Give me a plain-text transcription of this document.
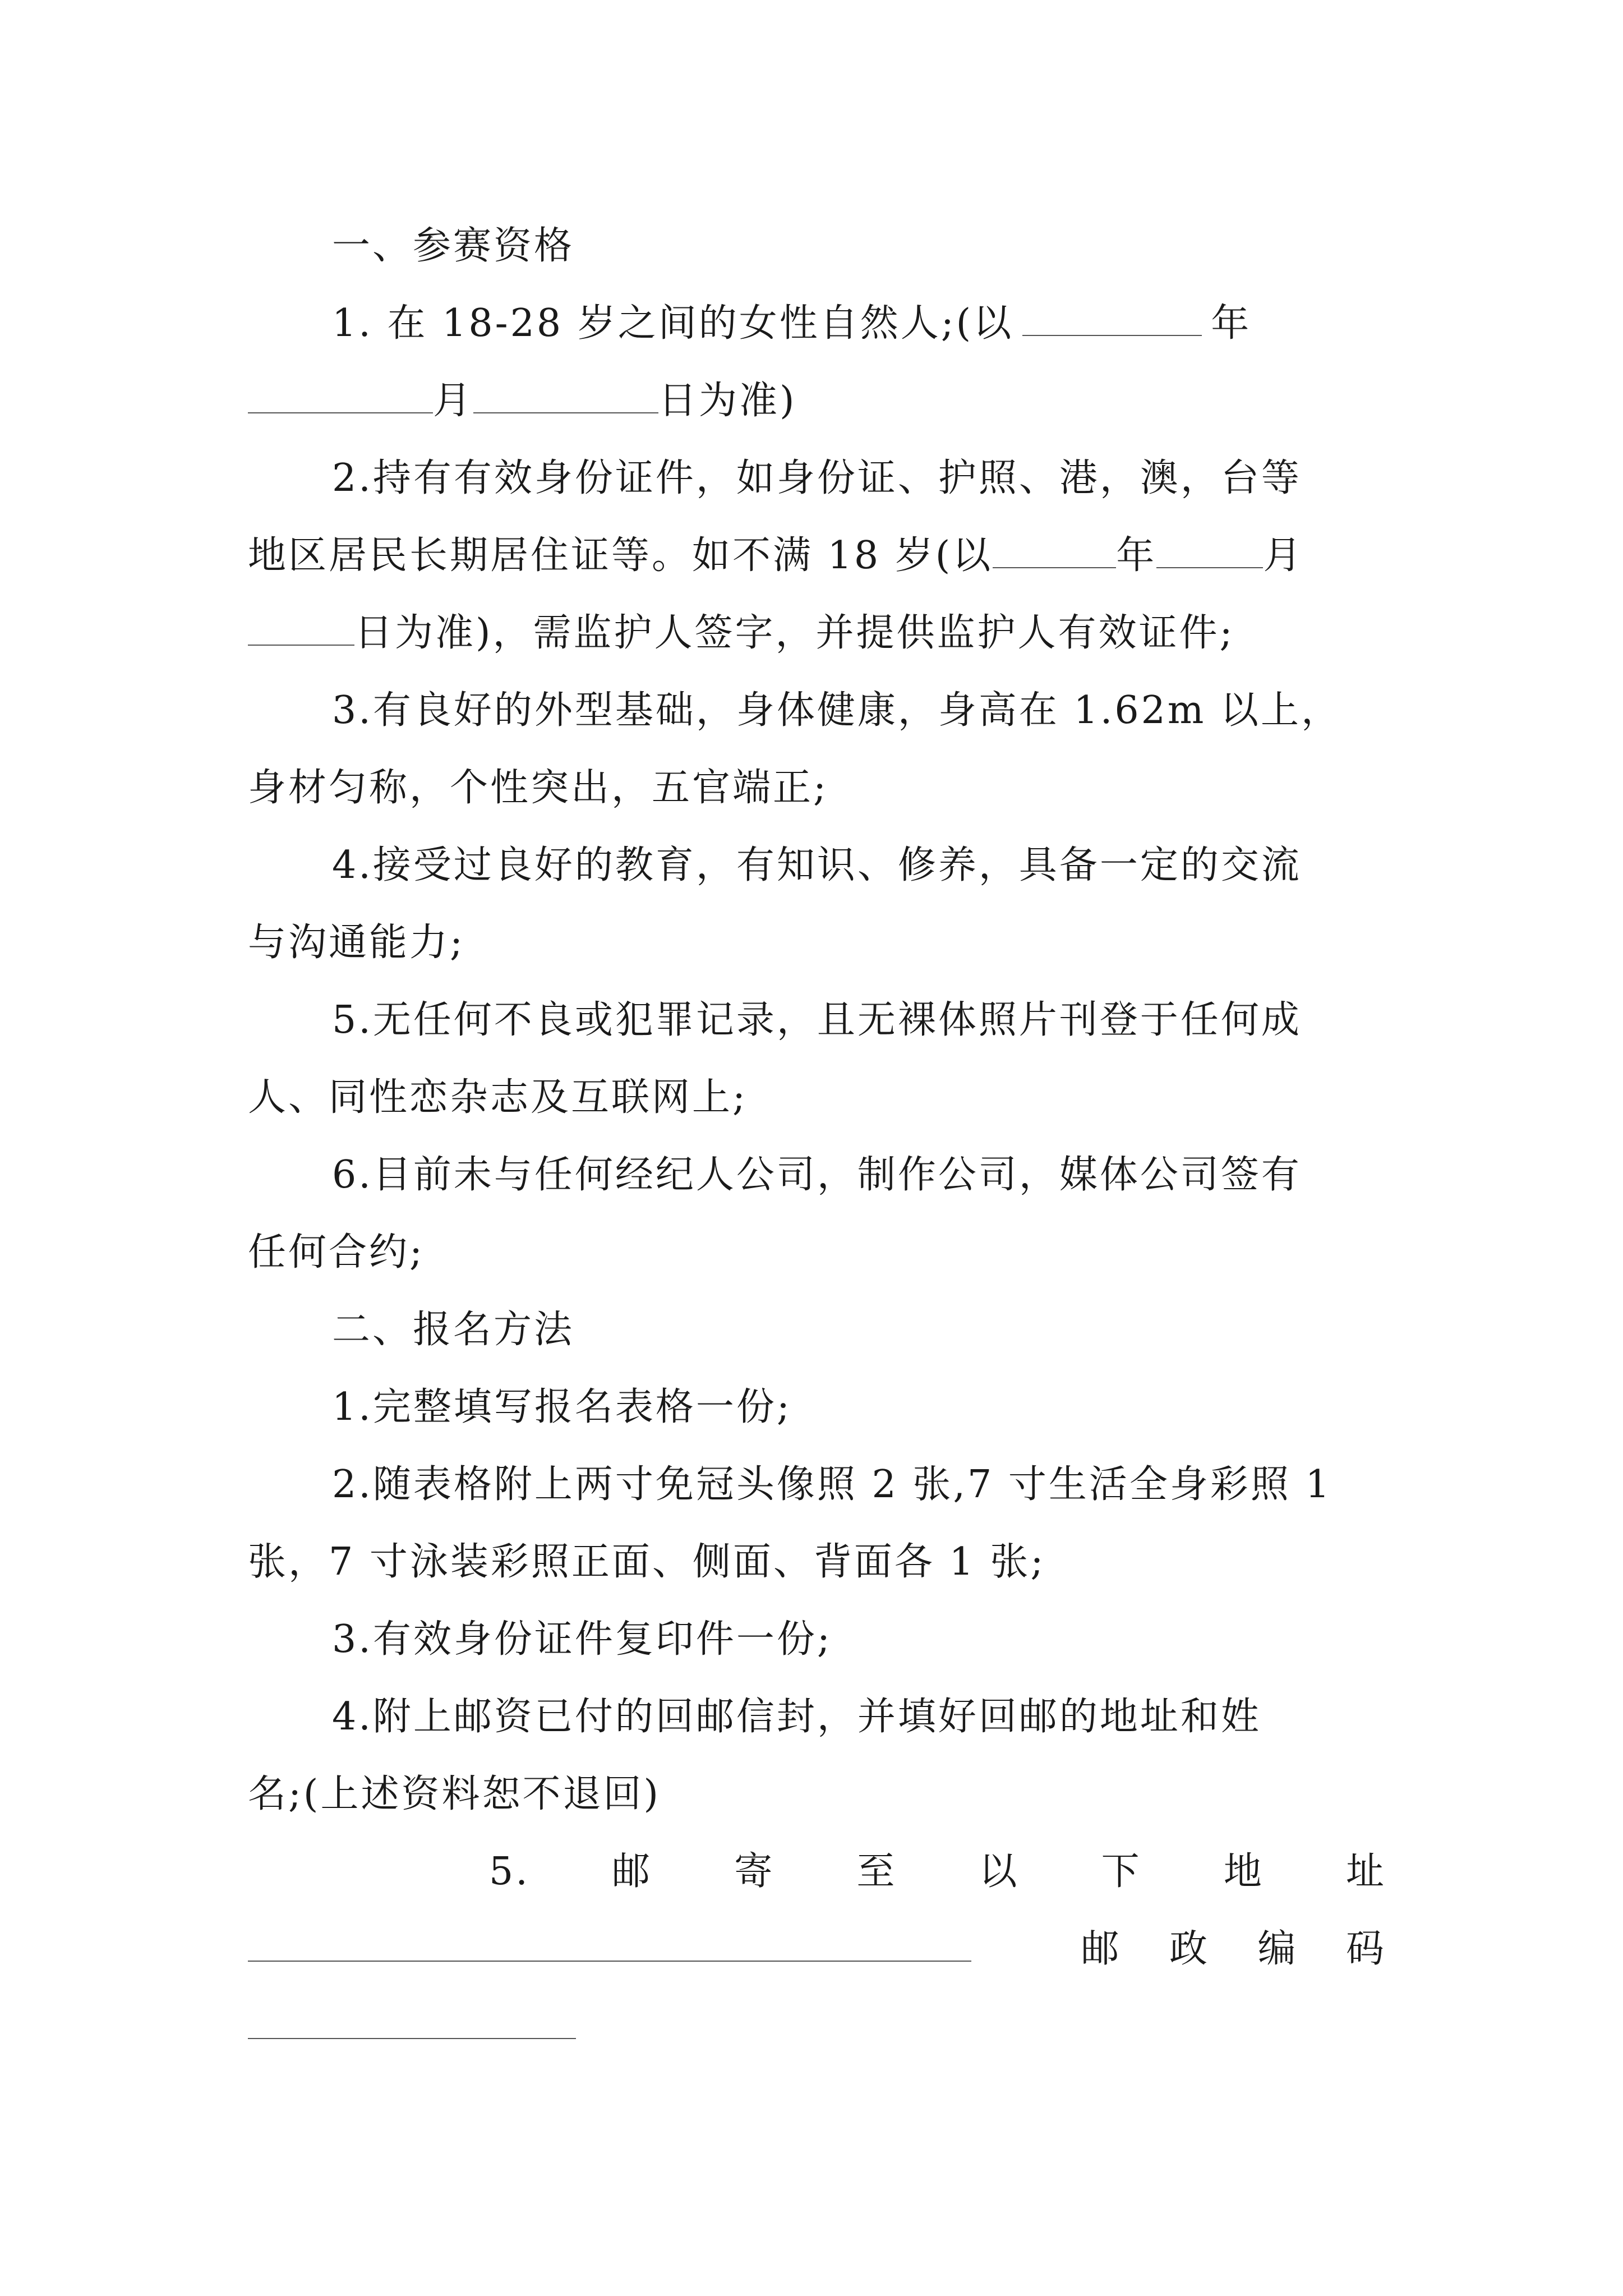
一、参赛资格
1. 在 18-28 岁之间的女性自然人;(以	年
月	日为准)
2.持有有效身份证件，如身份证、护照、港，澳，台等
地区居民长期居住证等。如不满 18 岁(以	年	月
日为准)，需监护人签字，并提供监护人有效证件;
3.有良好的外型基础，身体健康，身高在 1.62m 以上，
身材匀称，个性突出，五官端正;
4.接受过良好的教育，有知识、修养，具备一定的交流
与沟通能力;
5.无任何不良或犯罪记录，且无裸体照片刊登于任何成
人、同性恋杂志及互联网上;
6.目前未与任何经纪人公司，制作公司，媒体公司签有
任何合约;
二、报名方法
1.完整填写报名表格一份;
2.随表格附上两寸免冠头像照 2 张,7 寸生活全身彩照 1
张，7 寸泳装彩照正面、侧面、背面各 1 张;
3.有效身份证件复印件一份;
4.附上邮资已付的回邮信封，并填好回邮的地址和姓
名;(上述资料恕不退回)
5. 邮 寄 至 以 下 地 址
邮 政 编 码
